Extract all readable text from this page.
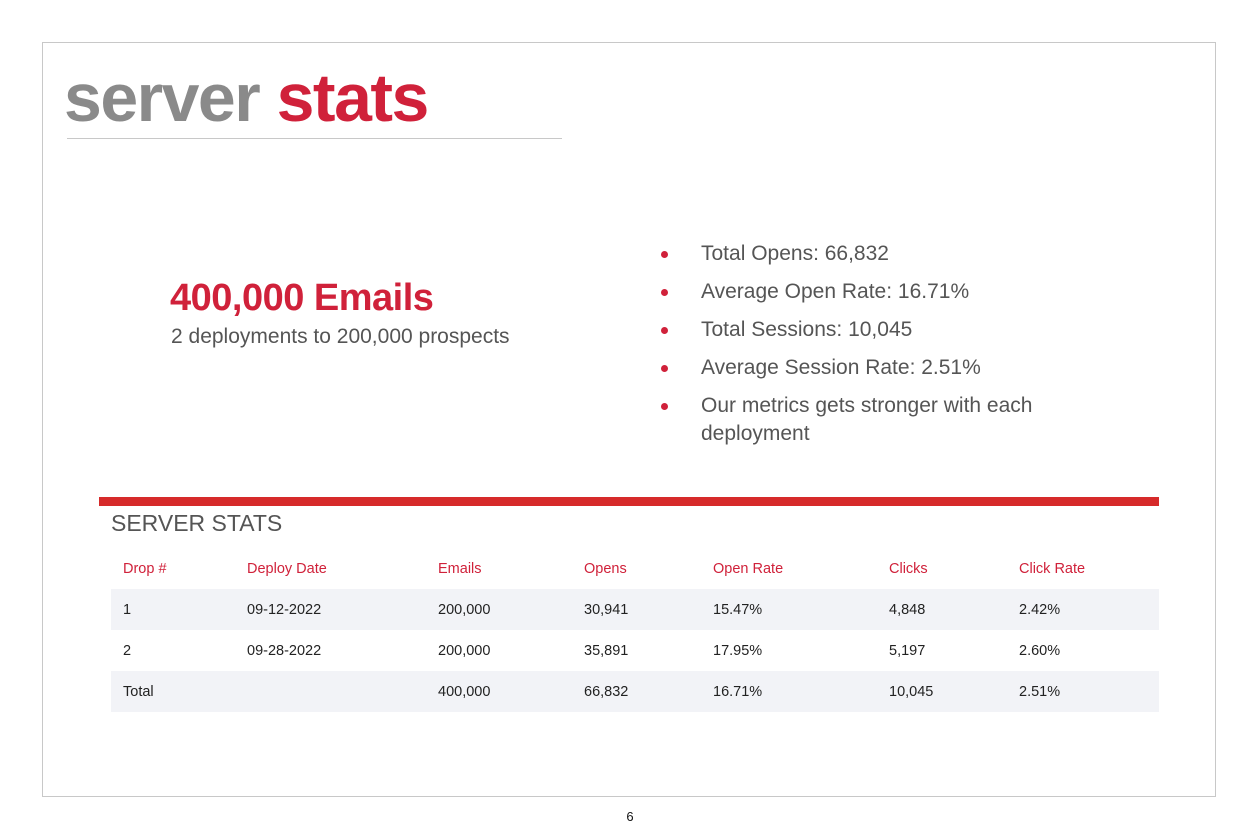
server stats
400,000 Emails
2 deployments to 200,000 prospects
Total Opens: 66,832
Average Open Rate: 16.71%
Total Sessions: 10,045
Average Session Rate: 2.51%
Our metrics gets stronger with each deployment
SERVER STATS
Drop #	Deploy Date	Emails	Opens	Open Rate	Clicks	Click Rate
1	09-12-2022	200,000	30,941	15.47%	4,848	2.42%
2	09-28-2022	200,000	35,891	17.95%	5,197	2.60%
Total		400,000	66,832	16.71%	10,045	2.51%
6
